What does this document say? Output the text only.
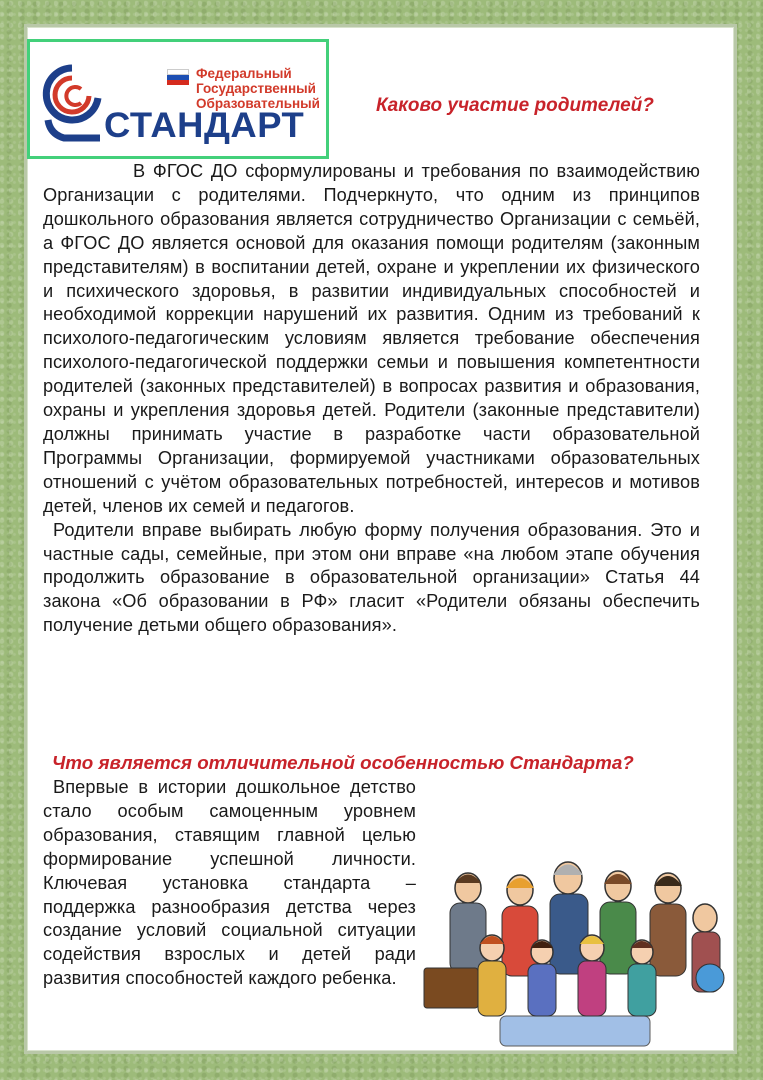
Федеральный
Государственный
Образовательный
СТАНДАРТ
Каково участие родителей?

В ФГОС ДО сформулированы и требования по взаимодействию Организации с родителями. Подчеркнуто, что одним из принципов дошкольного образования является сотрудничество Организации с семьёй, а ФГОС ДО является основой для оказания помощи родителям (законным представителям) в воспитании детей, охране и укреплении их физического и психического здоровья, в развитии индивидуальных способностей и необходимой коррекции нарушений их развития. Одним из требований к психолого-педагогическим условиям является требование обеспечения психолого-педагогической поддержки семьи и повышения компетентности родителей (законных представителей) в вопросах развития и образования, охраны и укрепления здоровья детей. Родители (законные представители) должны принимать участие в разработке части образовательной Программы Организации, формируемой участниками образовательных отношений с учётом образовательных потребностей, интересов и мотивов детей, членов их семей и педагогов.

Родители вправе выбирать любую форму получения образования. Это и частные сады, семейные, при этом они вправе «на любом этапе обучения продолжить образование в образовательной организации» Статья 44 закона «Об образовании в РФ» гласит «Родители обязаны обеспечить получение детьми общего образования».

Что является отличительной особенностью Стандарта?

Впервые в истории дошкольное детство стало особым самоценным уровнем образования, ставящим главной целью формирование успешной личности. Ключевая установка стандарта – поддержка разнообразия детства через создание условий социальной ситуации содействия взрослых и детей ради развития способностей каждого ребенка.
